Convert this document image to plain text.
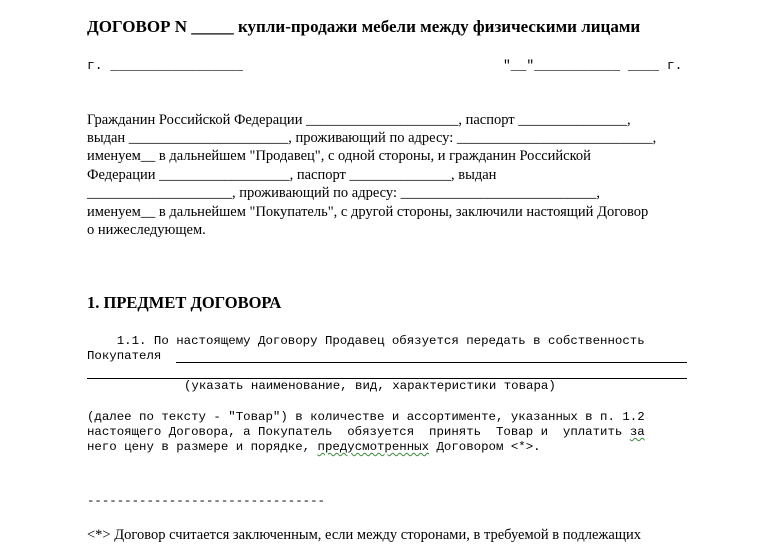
ДОГОВОР N _____ купли-продажи мебели между физическими лицами
г. _________________	"__"___________ ____ г.
Гражданин Российской Федерации _____________________, паспорт _______________,
выдан ______________________, проживающий по адресу: ___________________________,
именуем__ в дальнейшем "Продавец", с одной стороны, и гражданин Российской
Федерации __________________, паспорт ______________, выдан
____________________, проживающий по адресу: ___________________________,
именуем__ в дальнейшем "Покупатель", с другой стороны, заключили настоящий Договор
о нижеследующем.
1. ПРЕДМЕТ ДОГОВОРА
1.1. По настоящему Договору Продавец обязуется передать в собственность
Покупателя
(указать наименование, вид, характеристики товара)
(далее по тексту - "Товар") в количестве и ассортименте, указанных в п. 1.2
настоящего Договора, а Покупатель  обязуется  принять  Товар и  уплатить за
него цену в размере и порядке, предусмотренных Договором <*>.
--------------------------------
<*> Договор считается заключенным, если между сторонами, в требуемой в подлежащих
